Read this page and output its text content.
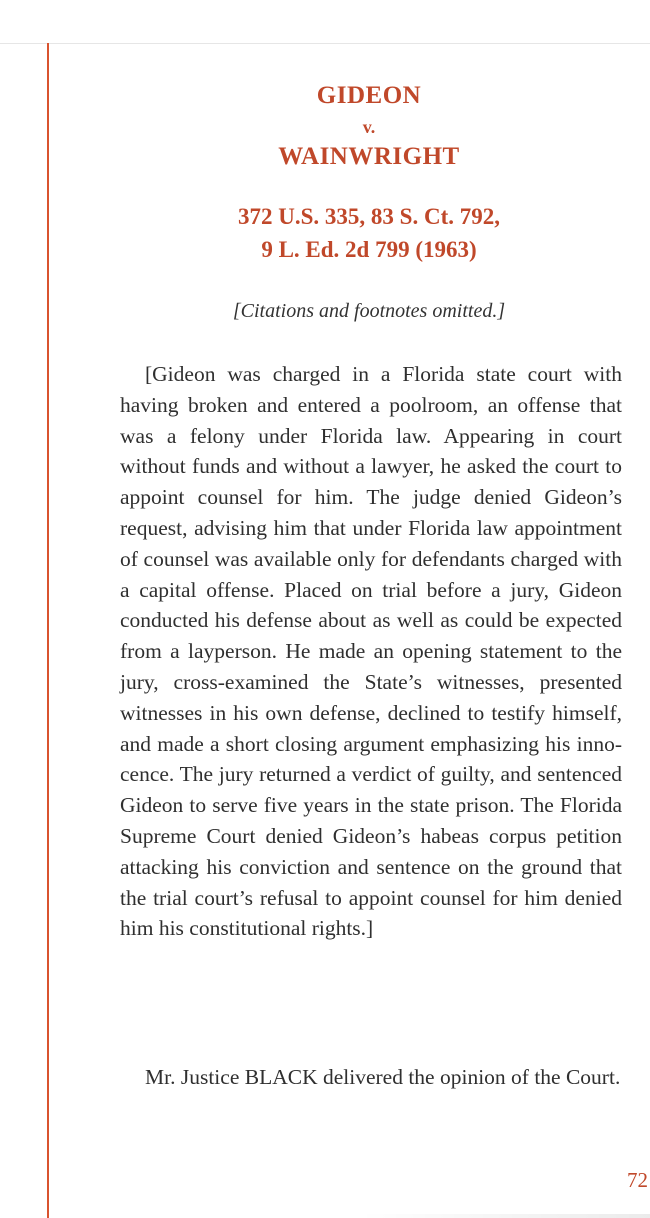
GIDEON
v.
WAINWRIGHT
372 U.S. 335, 83 S. Ct. 792,
9 L. Ed. 2d 799 (1963)

[Citations and footnotes omitted.]

[Gideon was charged in a Florida state court with having broken and entered a poolroom, an offense that was a felony under Florida law. Appearing in court without funds and without a lawyer, he asked the court to appoint counsel for him. The judge denied Gideon’s request, advising him that under Florida law appointment of counsel was available only for defendants charged with a capital offense. Placed on trial before a jury, Gideon conducted his defense about as well as could be expected from a layperson. He made an opening statement to the jury, cross-examined the State’s witnesses, presented witnesses in his own defense, declined to testify himself, and made a short closing argument emphasizing his innocence. The jury returned a verdict of guilty, and sentenced Gideon to serve five years in the state prison. The Florida Supreme Court denied Gideon’s habeas corpus petition attacking his conviction and sentence on the ground that the trial court’s refusal to appoint counsel for him denied him his constitutional rights.]

Mr. Justice BLACK delivered the opinion of the Court.

72
